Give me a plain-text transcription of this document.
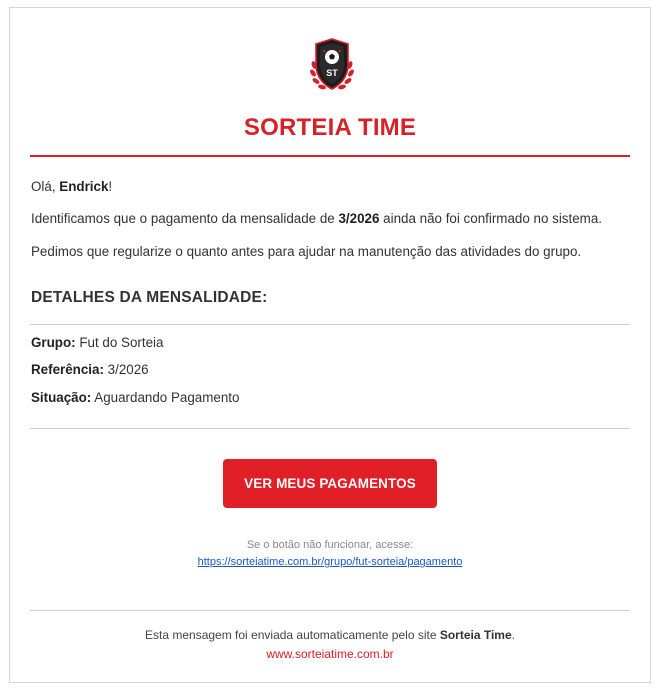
ST
SORTEIA TIME
Olá, Endrick!
Identificamos que o pagamento da mensalidade de 3/2026 ainda não foi confirmado no sistema.
Pedimos que regularize o quanto antes para ajudar na manutenção das atividades do grupo.
DETALHES DA MENSALIDADE:
Grupo: Fut do Sorteia
Referência: 3/2026
Situação: Aguardando Pagamento
VER MEUS PAGAMENTOS
Se o botão não funcionar, acesse:
https://sorteiatime.com.br/grupo/fut-sorteia/pagamento
Esta mensagem foi enviada automaticamente pelo site Sorteia Time.
www.sorteiatime.com.br
